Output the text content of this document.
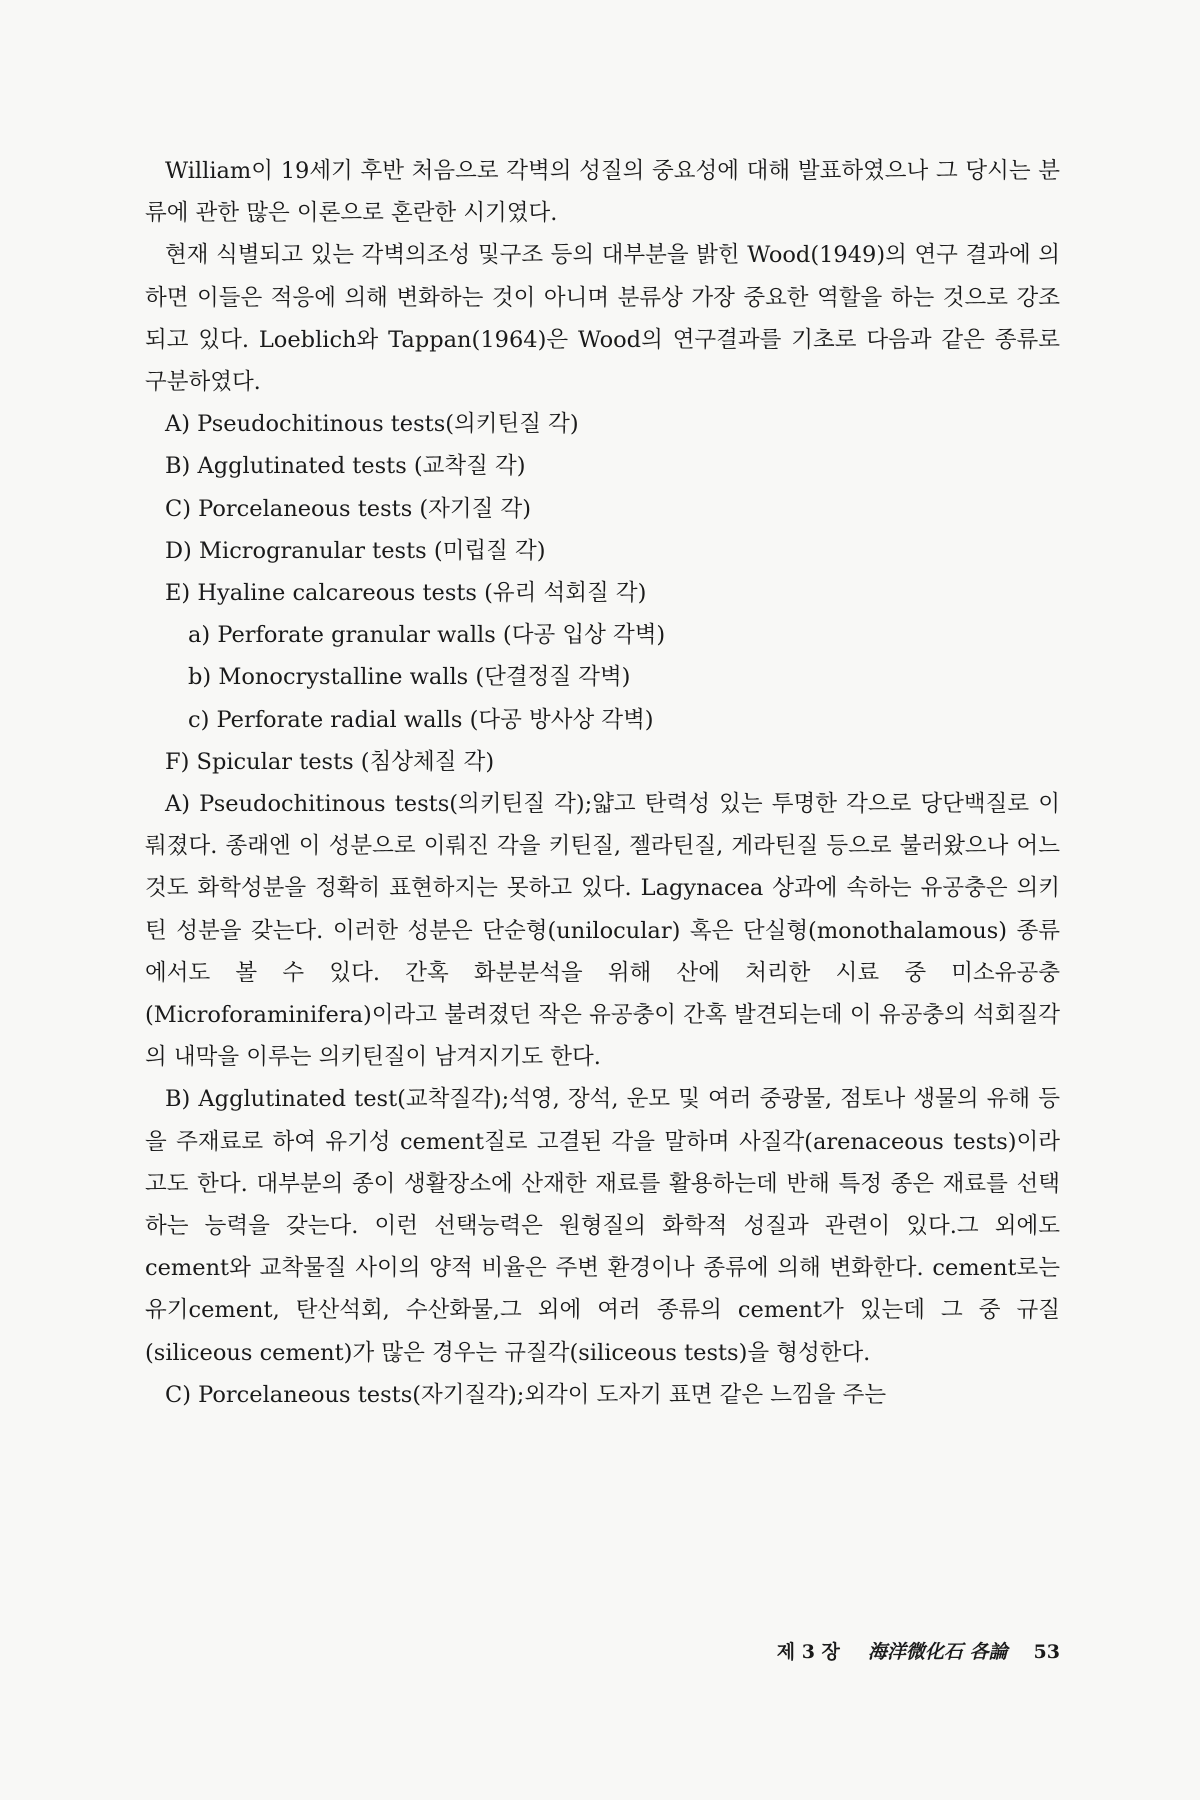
William이 19세기 후반 처음으로 각벽의 성질의 중요성에 대해 발표하였으나 그 당시는 분류에 관한 많은 이론으로 혼란한 시기였다.

현재 식별되고 있는 각벽의조성 및구조 등의 대부분을 밝힌 Wood(1949)의 연구 결과에 의하면 이들은 적응에 의해 변화하는 것이 아니며 분류상 가장 중요한 역할을 하는 것으로 강조되고 있다. Loeblich와 Tappan(1964)은 Wood의 연구결과를 기초로 다음과 같은 종류로 구분하였다.

A) Pseudochitinous tests(의키틴질 각)
B) Agglutinated tests (교착질 각)
C) Porcelaneous tests (자기질 각)
D) Microgranular tests (미립질 각)
E) Hyaline calcareous tests (유리 석회질 각)
a) Perforate granular walls (다공 입상 각벽)
b) Monocrystalline walls (단결정질 각벽)
c) Perforate radial walls (다공 방사상 각벽)
F) Spicular tests (침상체질 각)

A) Pseudochitinous tests(의키틴질 각);얇고 탄력성 있는 투명한 각으로 당단백질로 이뤄졌다. 종래엔 이 성분으로 이뤄진 각을 키틴질, 젤라틴질, 게라틴질 등으로 불러왔으나 어느 것도 화학성분을 정확히 표현하지는 못하고 있다. Lagynacea 상과에 속하는 유공충은 의키틴 성분을 갖는다. 이러한 성분은 단순형(unilocular) 혹은 단실형(monothalamous) 종류에서도 볼 수 있다. 간혹 화분분석을 위해 산에 처리한 시료 중 미소유공충(Microforaminifera)이라고 불려졌던 작은 유공충이 간혹 발견되는데 이 유공충의 석회질각의 내막을 이루는 의키틴질이 남겨지기도 한다.

B) Agglutinated test(교착질각);석영, 장석, 운모 및 여러 중광물, 점토나 생물의 유해 등을 주재료로 하여 유기성 cement질로 고결된 각을 말하며 사질각(arenaceous tests)이라고도 한다. 대부분의 종이 생활장소에 산재한 재료를 활용하는데 반해 특정 종은 재료를 선택하는 능력을 갖는다. 이런 선택능력은 원형질의 화학적 성질과 관련이 있다.그 외에도 cement와 교착물질 사이의 양적 비율은 주변 환경이나 종류에 의해 변화한다. cement로는 유기cement, 탄산석회, 수산화물,그 외에 여러 종류의 cement가 있는데 그 중 규질(siliceous cement)가 많은 경우는 규질각(siliceous tests)을 형성한다.

C) Porcelaneous tests(자기질각);외각이 도자기 표면 같은 느낌을 주는

제 3 장 海洋微化石 各論 53
